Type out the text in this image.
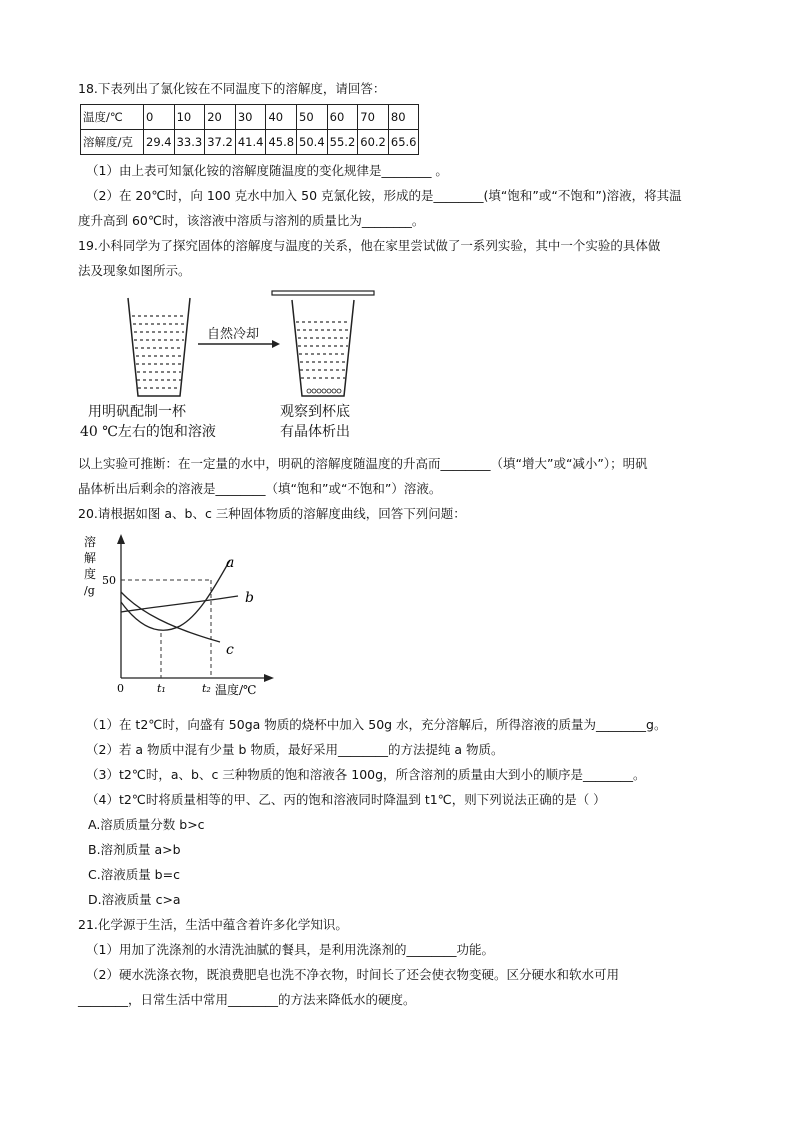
18.下表列出了氯化铵在不同温度下的溶解度，请回答：
温度/℃	0	10	20	30	40	50	60	70	80
溶解度/克	29.4	33.3	37.2	41.4	45.8	50.4	55.2	60.2	65.6
（1）由上表可知氯化铵的溶解度随温度的变化规律是________ 。
（2）在 20℃时，向 100 克水中加入 50 克氯化铵，形成的是________(填“饱和”或“不饱和”)溶液，将其温
度升高到 60℃时，该溶液中溶质与溶剂的质量比为________。
19.小科同学为了探究固体的溶解度与温度的关系，他在家里尝试做了一系列实验，其中一个实验的具体做
法及现象如图所示。
自然冷却
用明矾配制一杯
40 ℃左右的饱和溶液
观察到杯底
有晶体析出
以上实验可推断：在一定量的水中，明矾的溶解度随温度的升高而________（填“增大”或“减小”）；明矾
晶体析出后剩余的溶液是________（填“饱和”或“不饱和”）溶液。
20.请根据如图 a、b、c 三种固体物质的溶解度曲线，回答下列问题：
溶
解
度
/g
50
0	t₁	t₂ 温度/℃
a
b
c
（1）在 t2℃时，向盛有 50ga 物质的烧杯中加入 50g 水，充分溶解后，所得溶液的质量为________g。
（2）若 a 物质中混有少量 b 物质，最好采用________的方法提纯 a 物质。
（3）t2℃时，a、b、c 三种物质的饱和溶液各 100g，所含溶剂的质量由大到小的顺序是________。
（4）t2℃时将质量相等的甲、乙、丙的饱和溶液同时降温到 t1℃，则下列说法正确的是（ ）
A.溶质质量分数 b>c
B.溶剂质量 a>b
C.溶液质量 b=c
D.溶液质量 c>a
21.化学源于生活，生活中蕴含着许多化学知识。
（1）用加了洗涤剂的水清洗油腻的餐具，是利用洗涤剂的________功能。
（2）硬水洗涤衣物，既浪费肥皂也洗不净衣物，时间长了还会使衣物变硬。区分硬水和软水可用
________，日常生活中常用________的方法来降低水的硬度。
